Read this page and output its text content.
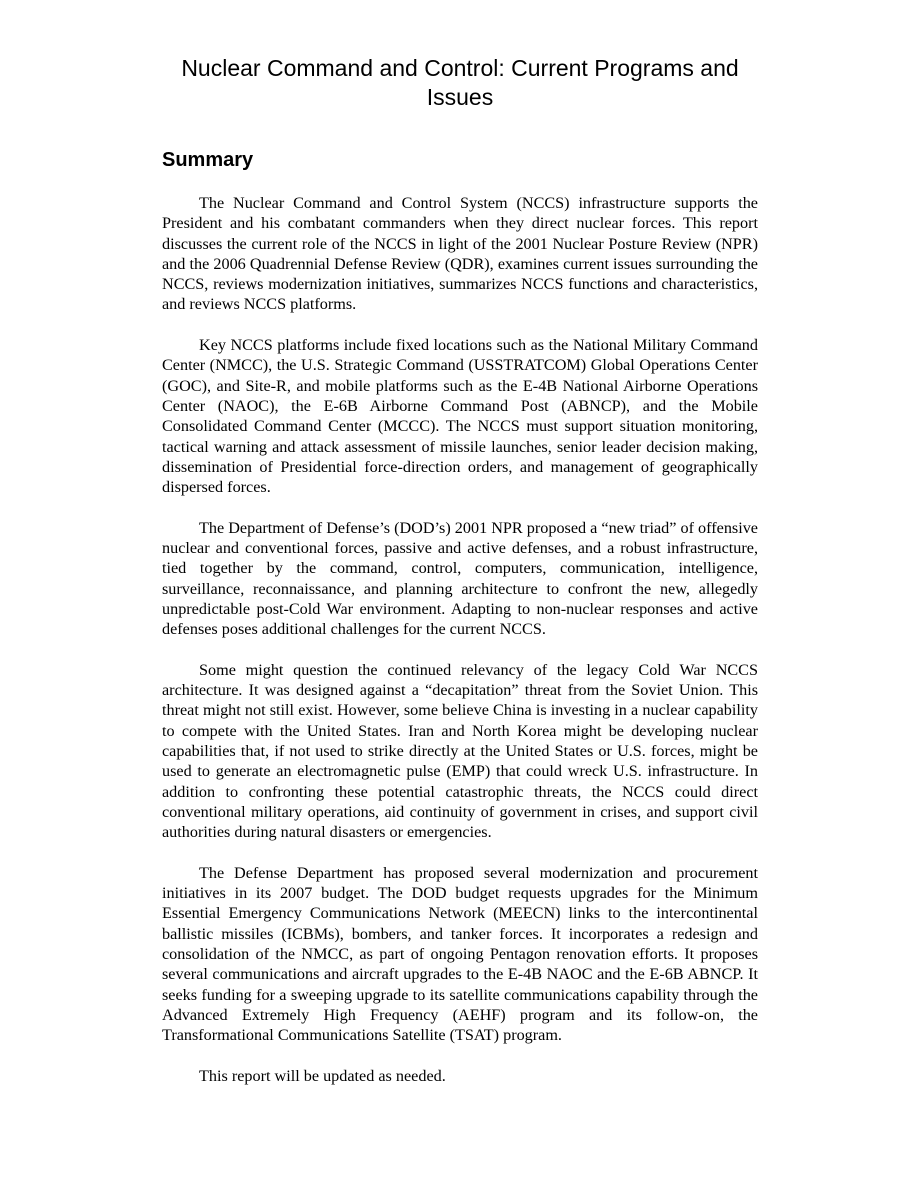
Nuclear Command and Control: Current Programs and Issues
Summary

The Nuclear Command and Control System (NCCS) infrastructure supports the President and his combatant commanders when they direct nuclear forces. This report discusses the current role of the NCCS in light of the 2001 Nuclear Posture Review (NPR) and the 2006 Quadrennial Defense Review (QDR), examines current issues surrounding the NCCS, reviews modernization initiatives, summarizes NCCS functions and characteristics, and reviews NCCS platforms.

Key NCCS platforms include fixed locations such as the National Military Command Center (NMCC), the U.S. Strategic Command (USSTRATCOM) Global Operations Center (GOC), and Site-R, and mobile platforms such as the E-4B National Airborne Operations Center (NAOC), the E-6B Airborne Command Post (ABNCP), and the Mobile Consolidated Command Center (MCCC). The NCCS must support situation monitoring, tactical warning and attack assessment of missile launches, senior leader decision making, dissemination of Presidential force-direction orders, and management of geographically dispersed forces.

The Department of Defense’s (DOD’s) 2001 NPR proposed a “new triad” of offensive nuclear and conventional forces, passive and active defenses, and a robust infrastructure, tied together by the command, control, computers, communication, intelligence, surveillance, reconnaissance, and planning architecture to confront the new, allegedly unpredictable post-Cold War environment. Adapting to non-nuclear responses and active defenses poses additional challenges for the current NCCS.

Some might question the continued relevancy of the legacy Cold War NCCS architecture. It was designed against a “decapitation” threat from the Soviet Union. This threat might not still exist. However, some believe China is investing in a nuclear capability to compete with the United States. Iran and North Korea might be developing nuclear capabilities that, if not used to strike directly at the United States or U.S. forces, might be used to generate an electromagnetic pulse (EMP) that could wreck U.S. infrastructure. In addition to confronting these potential catastrophic threats, the NCCS could direct conventional military operations, aid continuity of government in crises, and support civil authorities during natural disasters or emergencies.

The Defense Department has proposed several modernization and procurement initiatives in its 2007 budget. The DOD budget requests upgrades for the Minimum Essential Emergency Communications Network (MEECN) links to the intercontinental ballistic missiles (ICBMs), bombers, and tanker forces. It incorporates a redesign and consolidation of the NMCC, as part of ongoing Pentagon renovation efforts. It proposes several communications and aircraft upgrades to the E-4B NAOC and the E-6B ABNCP. It seeks funding for a sweeping upgrade to its satellite communications capability through the Advanced Extremely High Frequency (AEHF) program and its follow-on, the Transformational Communications Satellite (TSAT) program.

This report will be updated as needed.
